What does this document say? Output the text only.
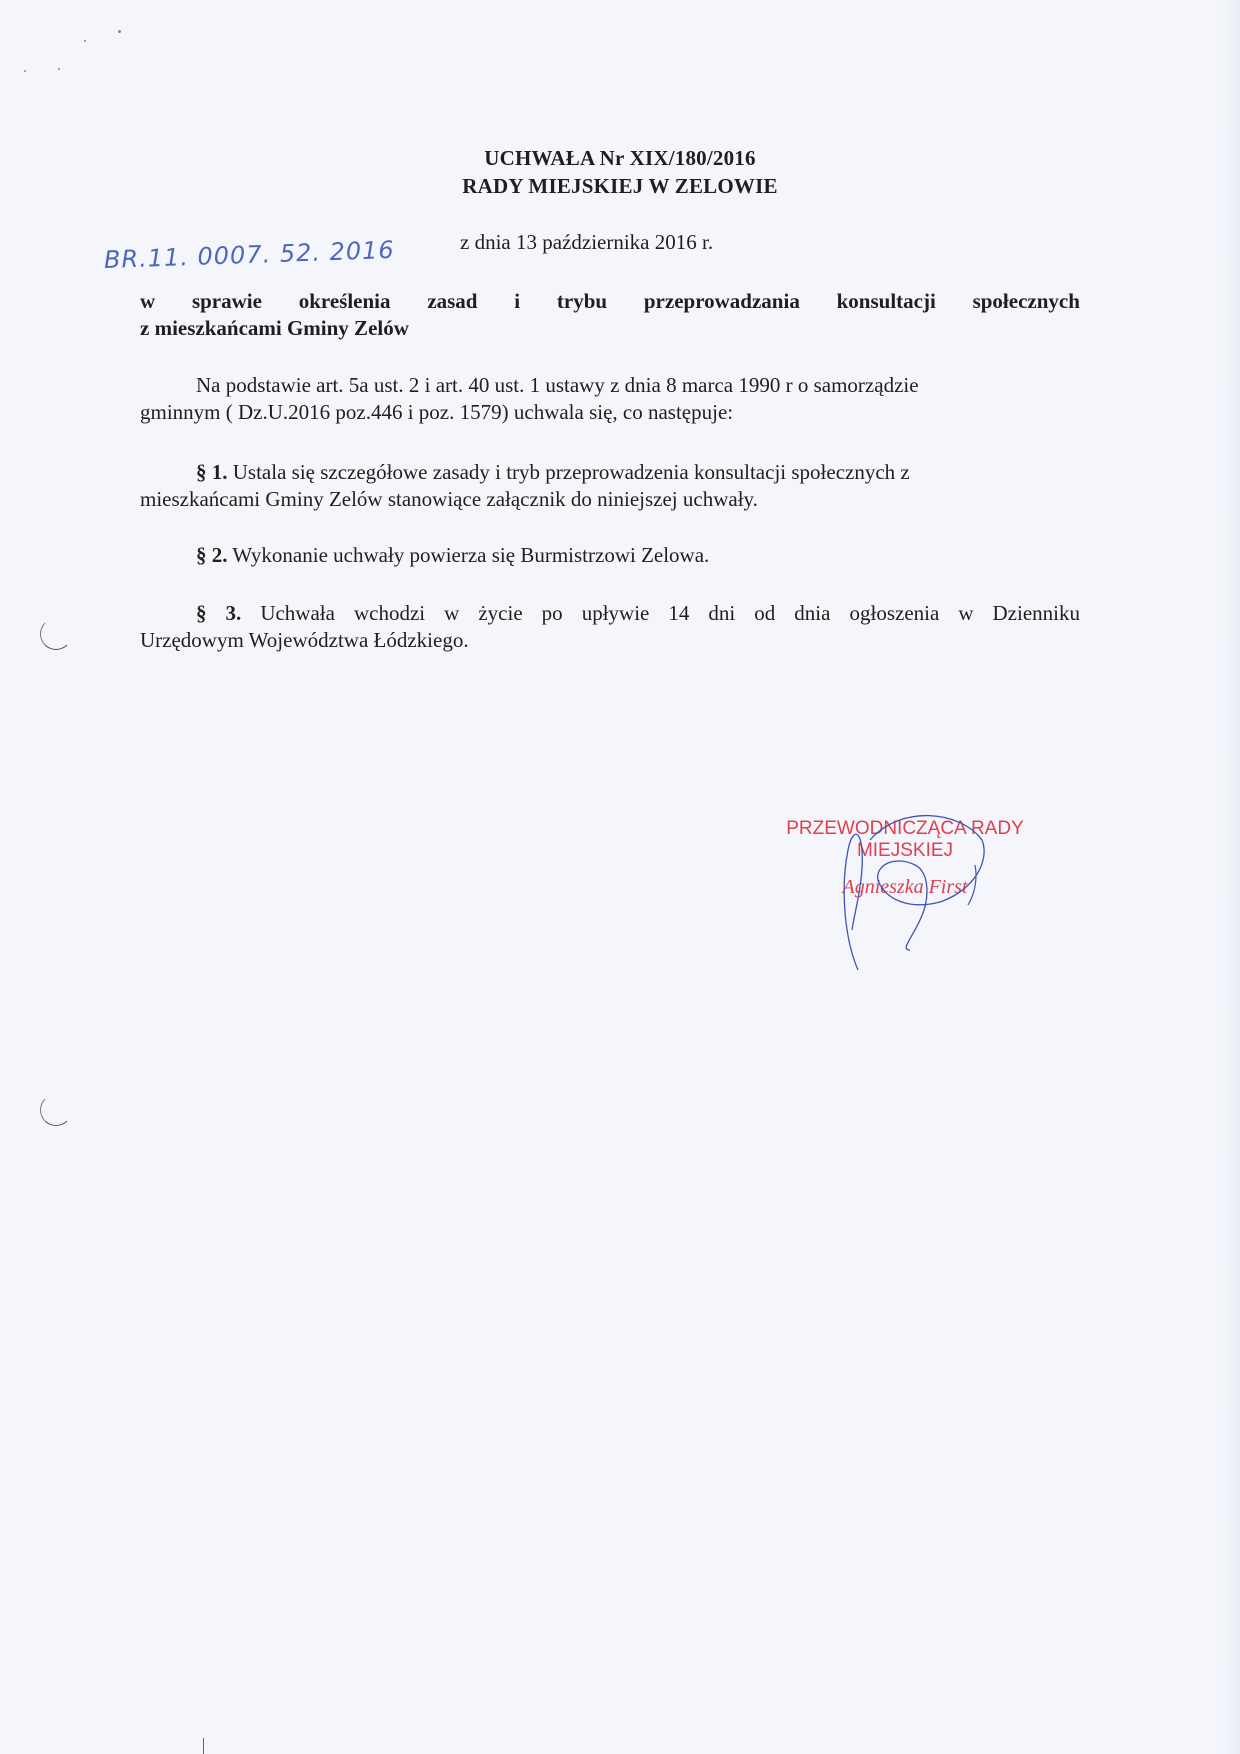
UCHWAŁA Nr XIX/180/2016
RADY MIEJSKIEJ W ZELOWIE
z dnia 13 października 2016 r.
BR.11. 0007. 52. 2016
w sprawie określenia zasad i trybu przeprowadzania konsultacji społecznych
z mieszkańcami Gminy Zelów
Na podstawie art. 5a ust. 2 i art. 40 ust. 1 ustawy z dnia 8 marca 1990 r o samorządzie
gminnym ( Dz.U.2016 poz.446 i poz. 1579) uchwala się, co następuje:
§ 1. Ustala się szczegółowe zasady i tryb przeprowadzenia konsultacji społecznych z
mieszkańcami Gminy Zelów stanowiące załącznik do niniejszej uchwały.
§ 2. Wykonanie uchwały powierza się Burmistrzowi Zelowa.
§ 3. Uchwała wchodzi w życie po upływie 14 dni od dnia ogłoszenia w Dzienniku
Urzędowym Województwa Łódzkiego.
PRZEWODNICZĄCA RADY
MIEJSKIEJ
Agnieszka First
